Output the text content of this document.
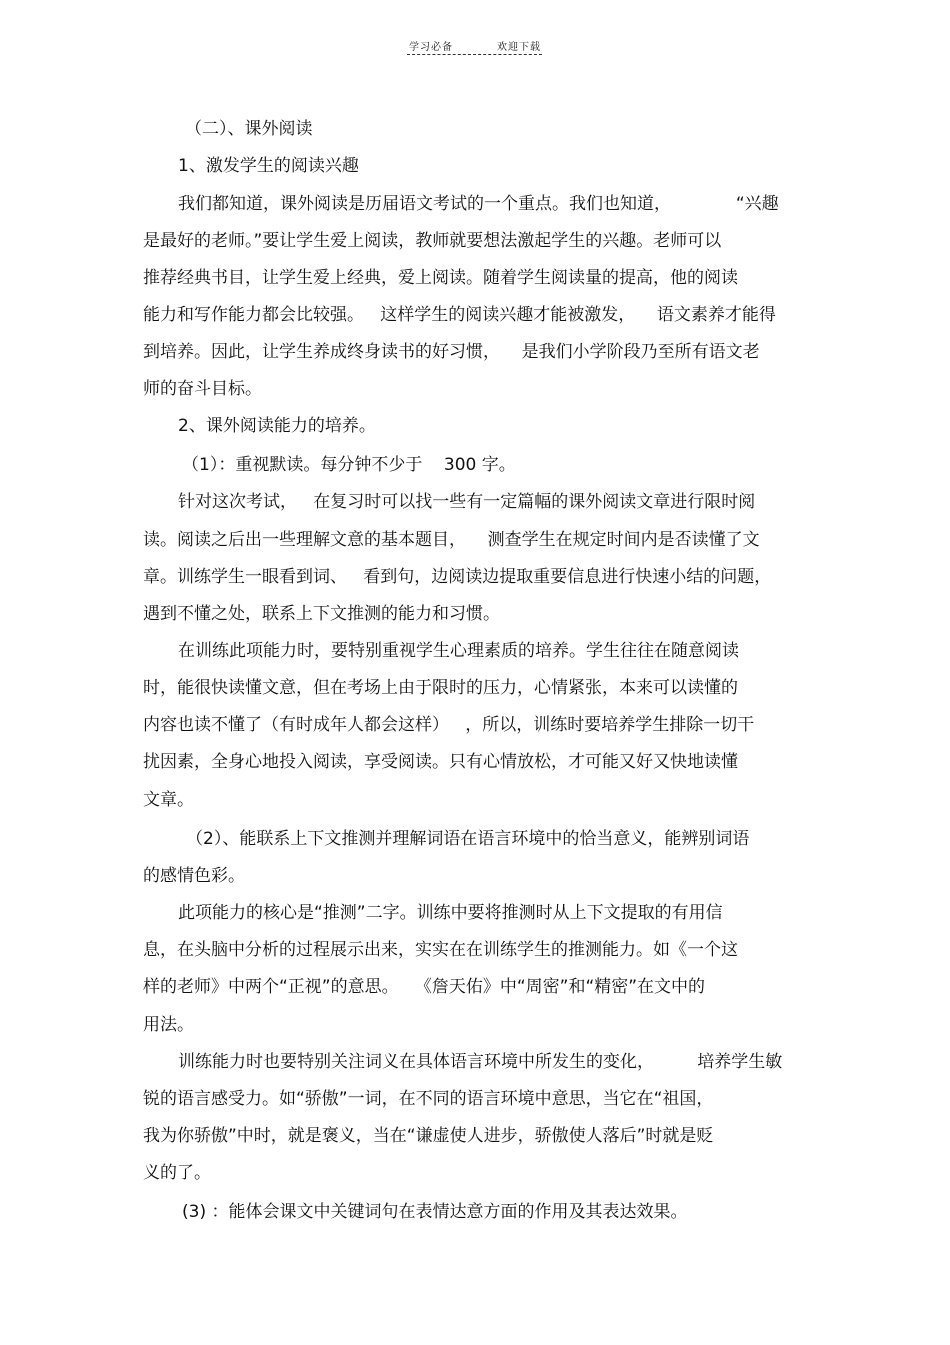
学习必备	欢迎下载
（二）、课外阅读
1、激发学生的阅读兴趣
我们都知道，课外阅读是历届语文考试的一个重点。我们也知道，            “兴趣
是最好的老师。”要让学生爱上阅读，教师就要想法激起学生的兴趣。老师可以
推荐经典书目，让学生爱上经典，爱上阅读。随着学生阅读量的提高，他的阅读
能力和写作能力都会比较强。   这样学生的阅读兴趣才能被激发，    语文素养才能得
到培养。因此，让学生养成终身读书的好习惯，    是我们小学阶段乃至所有语文老
师的奋斗目标。
2、课外阅读能力的培养。
（1）：重视默读。每分钟不少于    300 字。
针对这次考试，   在复习时可以找一些有一定篇幅的课外阅读文章进行限时阅
读。阅读之后出一些理解文意的基本题目，    测查学生在规定时间内是否读懂了文
章。训练学生一眼看到词、   看到句，边阅读边提取重要信息进行快速小结的问题，
遇到不懂之处，联系上下文推测的能力和习惯。
在训练此项能力时，要特别重视学生心理素质的培养。学生往往在随意阅读
时，能很快读懂文意，但在考场上由于限时的压力，心情紧张，本来可以读懂的
内容也读不懂了（有时成年人都会这样）   ，所以，训练时要培养学生排除一切干
扰因素，全身心地投入阅读，享受阅读。只有心情放松，才可能又好又快地读懂
文章。
（2）、能联系上下文推测并理解词语在语言环境中的恰当意义，能辨别词语
的感情色彩。
此项能力的核心是“推测”二字。训练中要将推测时从上下文提取的有用信
息，在头脑中分析的过程展示出来，实实在在训练学生的推测能力。如《一个这
样的老师》中两个“正视”的意思。   《詹天佑》中“周密”和“精密”在文中的
用法。
训练能力时也要特别关注词义在具体语言环境中所发生的变化，        培养学生敏
锐的语言感受力。如“骄傲”一词，在不同的语言环境中意思，当它在“祖国，
我为你骄傲”中时，就是褒义，当在“谦虚使人进步，骄傲使人落后”时就是贬
义的了。
(3) ：能体会课文中关键词句在表情达意方面的作用及其表达效果。
